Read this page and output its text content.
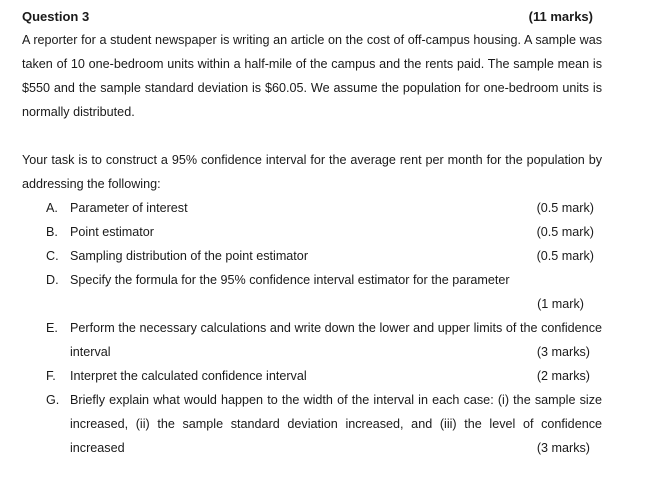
Question 3	(11 marks)
A reporter for a student newspaper is writing an article on the cost of off-campus housing. A sample was taken of 10 one-bedroom units within a half-mile of the campus and the rents paid. The sample mean is $550 and the sample standard deviation is $60.05. We assume the population for one-bedroom units is normally distributed.
Your task is to construct a 95% confidence interval for the average rent per month for the population by addressing the following:
A. Parameter of interest	(0.5 mark)
B. Point estimator	(0.5 mark)
C. Sampling distribution of the point estimator	(0.5 mark)
D. Specify the formula for the 95% confidence interval estimator for the parameter
(1 mark)
E. Perform the necessary calculations and write down the lower and upper limits of the confidence interval	(3 marks)
F. Interpret the calculated confidence interval	(2 marks)
G. Briefly explain what would happen to the width of the interval in each case: (i) the sample size increased, (ii) the sample standard deviation increased, and (iii) the level of confidence increased	(3 marks)
